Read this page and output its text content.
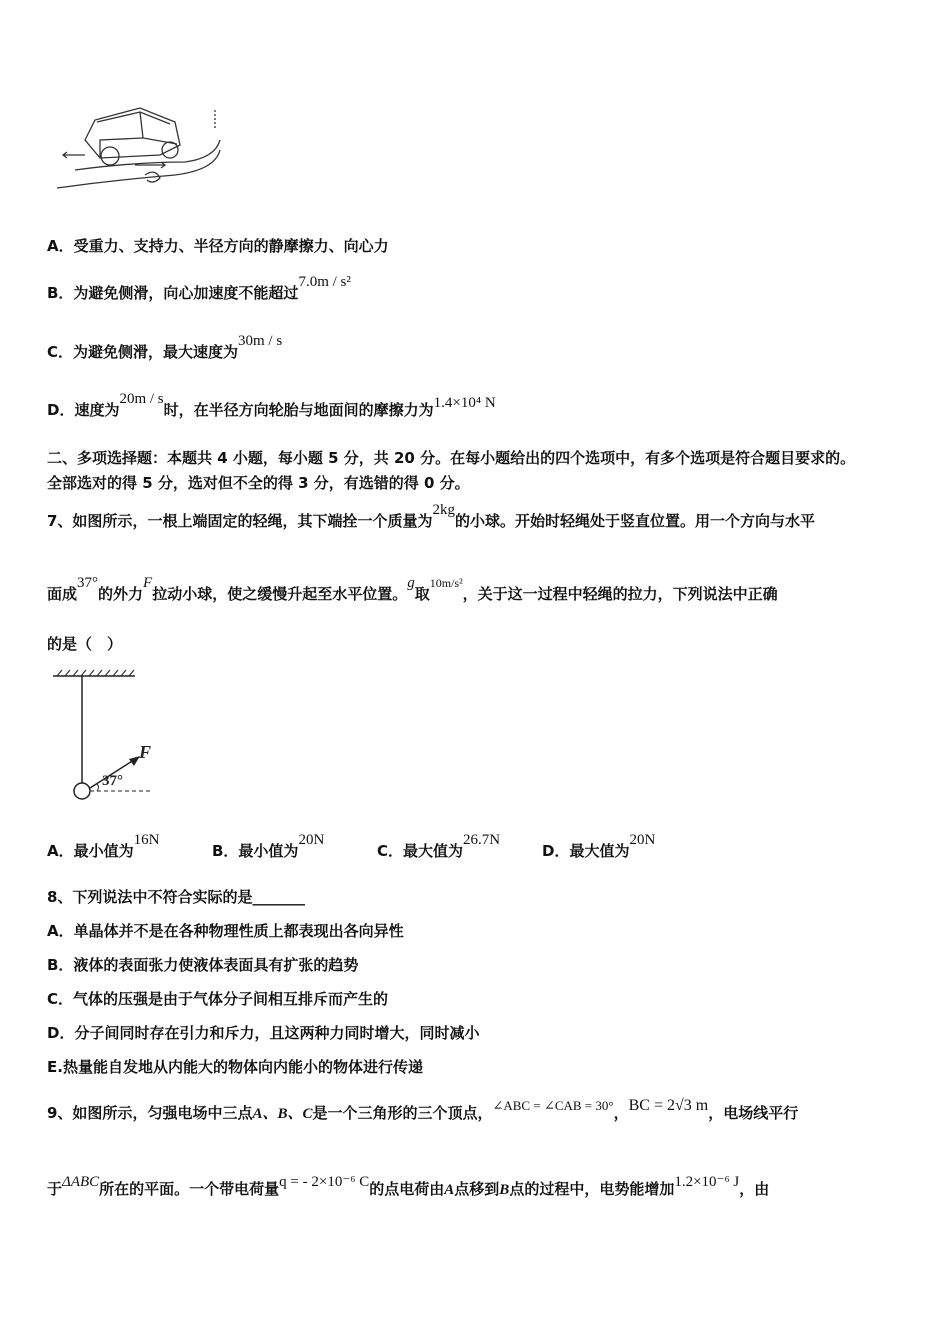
A．受重力、支持力、半径方向的静摩擦力、向心力
B．为避免侧滑，向心加速度不能超过7.0m / s²
C．为避免侧滑，最大速度为30m / s
D．速度为20m / s时，在半径方向轮胎与地面间的摩擦力为1.4×10⁴ N
二、多项选择题：本题共 4 小题，每小题 5 分，共 20 分。在每小题给出的四个选项中，有多个选项是符合题目要求的。
全部选对的得 5 分，选对但不全的得 3 分，有选错的得 0 分。
7、如图所示，一根上端固定的轻绳，其下端拴一个质量为2kg的小球。开始时轻绳处于竖直位置。用一个方向与水平
面成37°的外力F拉动小球，使之缓慢升起至水平位置。g取$^{10m/s^2}$，关于这一过程中轻绳的拉力，下列说法中正确
的是（　）
F
37°
A．最小值为16N
B．最小值为20N
C．最大值为26.7N
D．最大值为20N
8、下列说法中不符合实际的是_______
A．单晶体并不是在各种物理性质上都表现出各向异性
B．液体的表面张力使液体表面具有扩张的趋势
C．气体的压强是由于气体分子间相互排斥而产生的
D．分子间同时存在引力和斥力，且这两种力同时增大，同时减小
E.热量能自发地从内能大的物体向内能小的物体进行传递
9、如图所示，匀强电场中三点A、B、C是一个三角形的三个顶点，∠ABC = ∠CAB = 30°，BC = 2√3 m，电场线平行
于ΔABC所在的平面。一个带电荷量q = - 2×10⁻⁶ C的点电荷由A点移到B点的过程中，电势能增加1.2×10⁻⁶ J，由
